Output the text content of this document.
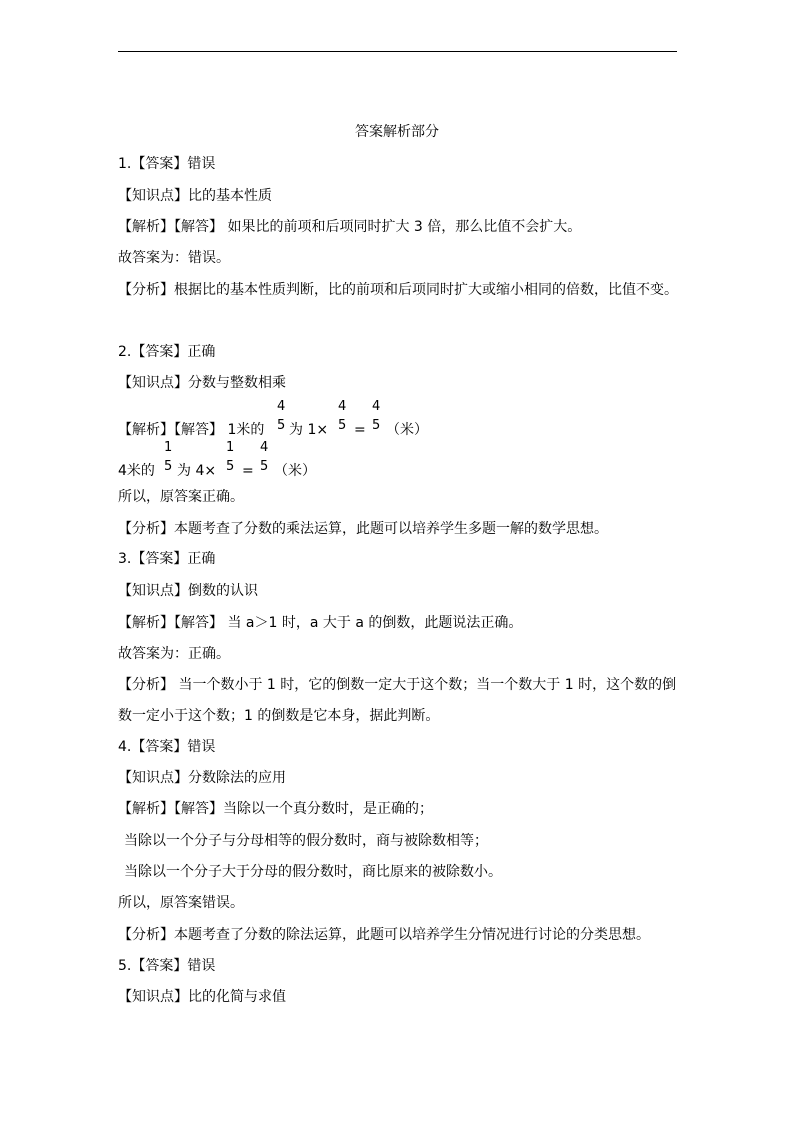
答案解析部分
1.【答案】错误
【知识点】比的基本性质
【解析】【解答】 如果比的前项和后项同时扩大 3 倍，那么比值不会扩大。
故答案为：错误。
【分析】根据比的基本性质判断，比的前项和后项同时扩大或缩小相同的倍数，比值不变。
2.【答案】正确
【知识点】分数与整数相乘
【解析】【解答】 1米的
4
5 为 1×
4
5 =
4
5 （米）
4米的
1
5 为 4×
1
5 =
4
5 （米）
所以，原答案正确。
【分析】本题考查了分数的乘法运算，此题可以培养学生多题一解的数学思想。
3.【答案】正确
【知识点】倒数的认识
【解析】【解答】 当 a＞1 时，a 大于 a 的倒数，此题说法正确。
故答案为：正确。
【分析】 当一个数小于 1 时，它的倒数一定大于这个数；当一个数大于 1 时，这个数的倒
数一定小于这个数；1 的倒数是它本身，据此判断。
4.【答案】错误
【知识点】分数除法的应用
【解析】【解答】当除以一个真分数时，是正确的；
当除以一个分子与分母相等的假分数时，商与被除数相等；
当除以一个分子大于分母的假分数时，商比原来的被除数小。
所以，原答案错误。
【分析】本题考查了分数的除法运算，此题可以培养学生分情况进行讨论的分类思想。
5.【答案】错误
【知识点】比的化简与求值
